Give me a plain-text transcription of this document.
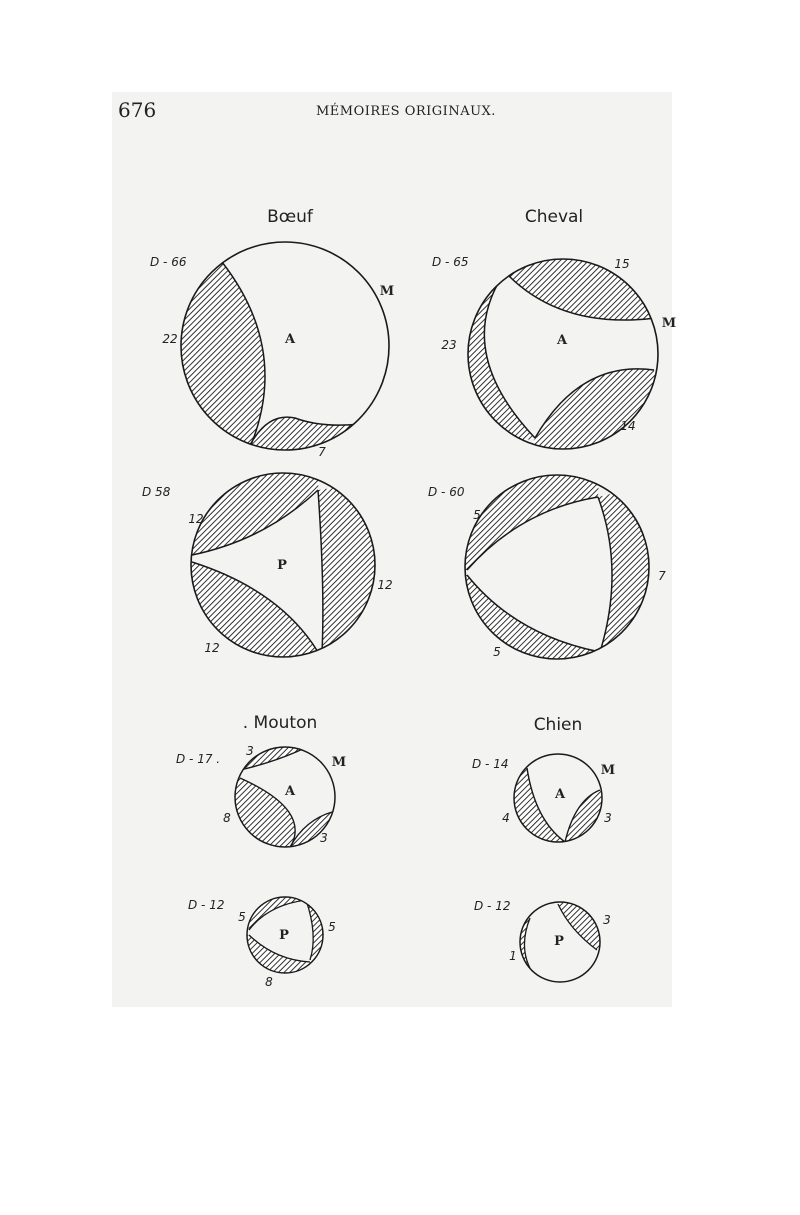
676	MÉMOIRES ORIGINAUX.
Bœuf	Cheval
. Mouton	Chien
D - 66
A
M
22
7
D - 65
A
M
15
23
14
D 58
P
12
12
12
D - 60
5
7
5
D - 17 .
A
M
3
8
3
D - 14
A
M
4	3
D - 12
P
5
5
8
D - 12
P
1
3
